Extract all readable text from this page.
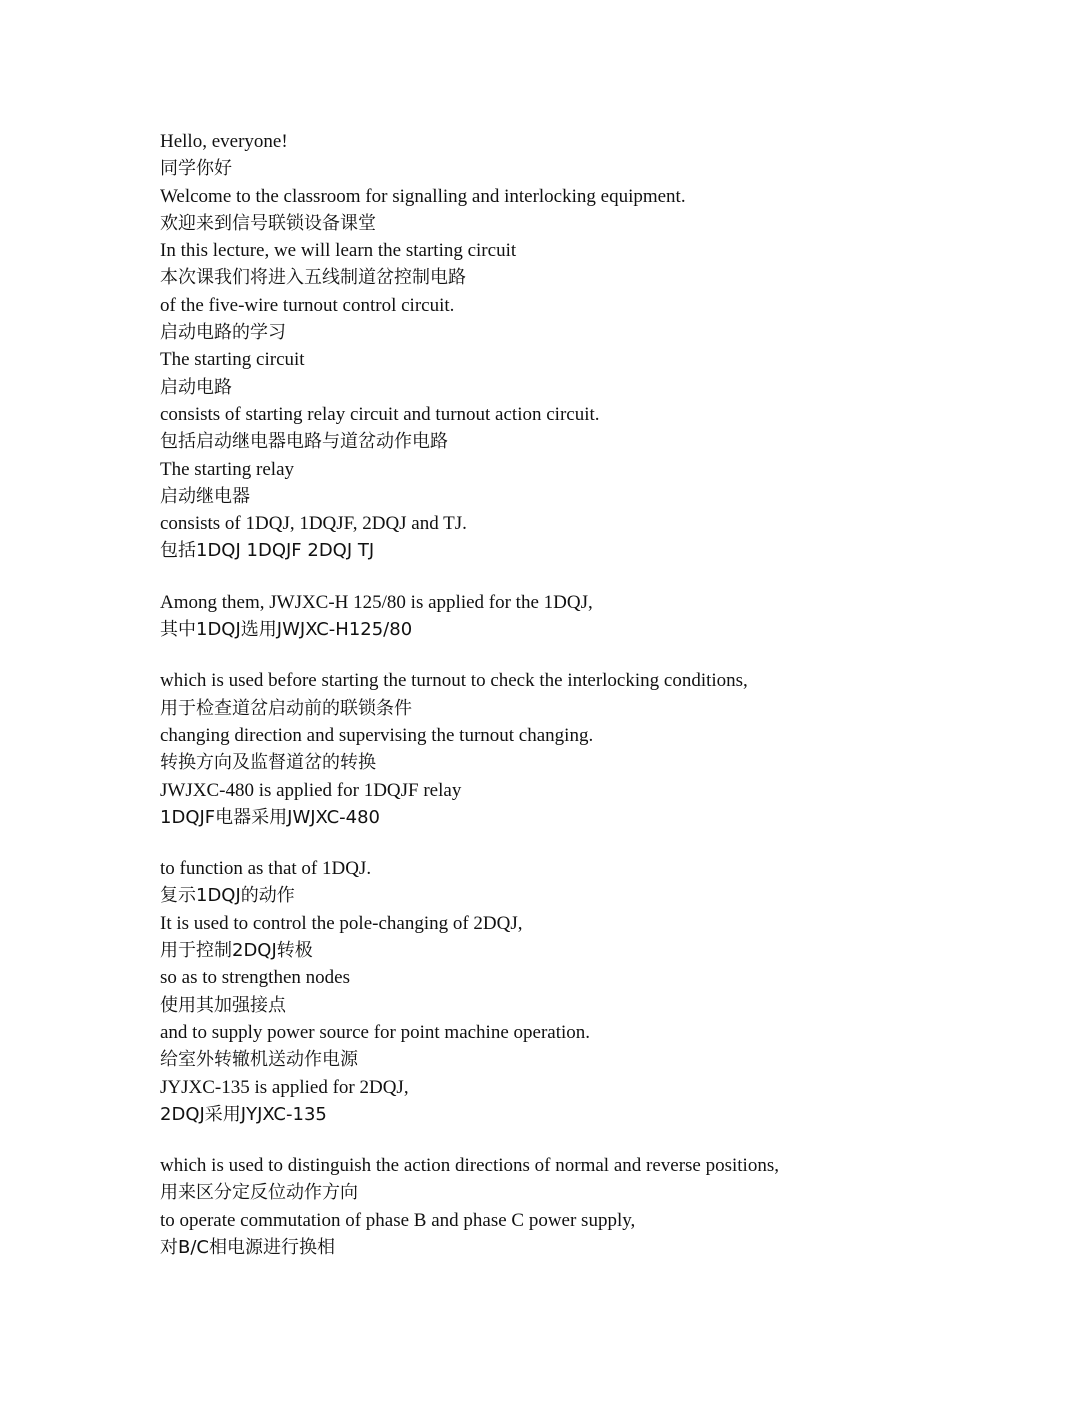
Hello, everyone!
同学你好
Welcome to the classroom for signalling and interlocking equipment.
欢迎来到信号联锁设备课堂
In this lecture, we will learn the starting circuit
本次课我们将进入五线制道岔控制电路
of the five-wire turnout control circuit.
启动电路的学习
The starting circuit
启动电路
consists of starting relay circuit and turnout action circuit.
包括启动继电器电路与道岔动作电路
The starting relay
启动继电器
consists of 1DQJ, 1DQJF, 2DQJ and TJ.
包括1DQJ 1DQJF 2DQJ TJ
Among them, JWJXC-H 125/80 is applied for the 1DQJ,
其中1DQJ选用JWJXC-H125/80
which is used before starting the turnout to check the interlocking conditions,
用于检查道岔启动前的联锁条件
changing direction and supervising the turnout changing.
转换方向及监督道岔的转换
JWJXC-480 is applied for 1DQJF relay
1DQJF电器采用JWJXC-480
to function as that of 1DQJ.
复示1DQJ的动作
It is used to control the pole-changing of 2DQJ,
用于控制2DQJ转极
so as to strengthen nodes
使用其加强接点
and to supply power source for point machine operation.
给室外转辙机送动作电源
JYJXC-135 is applied for 2DQJ,
2DQJ采用JYJXC-135
which is used to distinguish the action directions of normal and reverse positions,
用来区分定反位动作方向
to operate commutation of phase B and phase C power supply,
对B/C相电源进行换相
